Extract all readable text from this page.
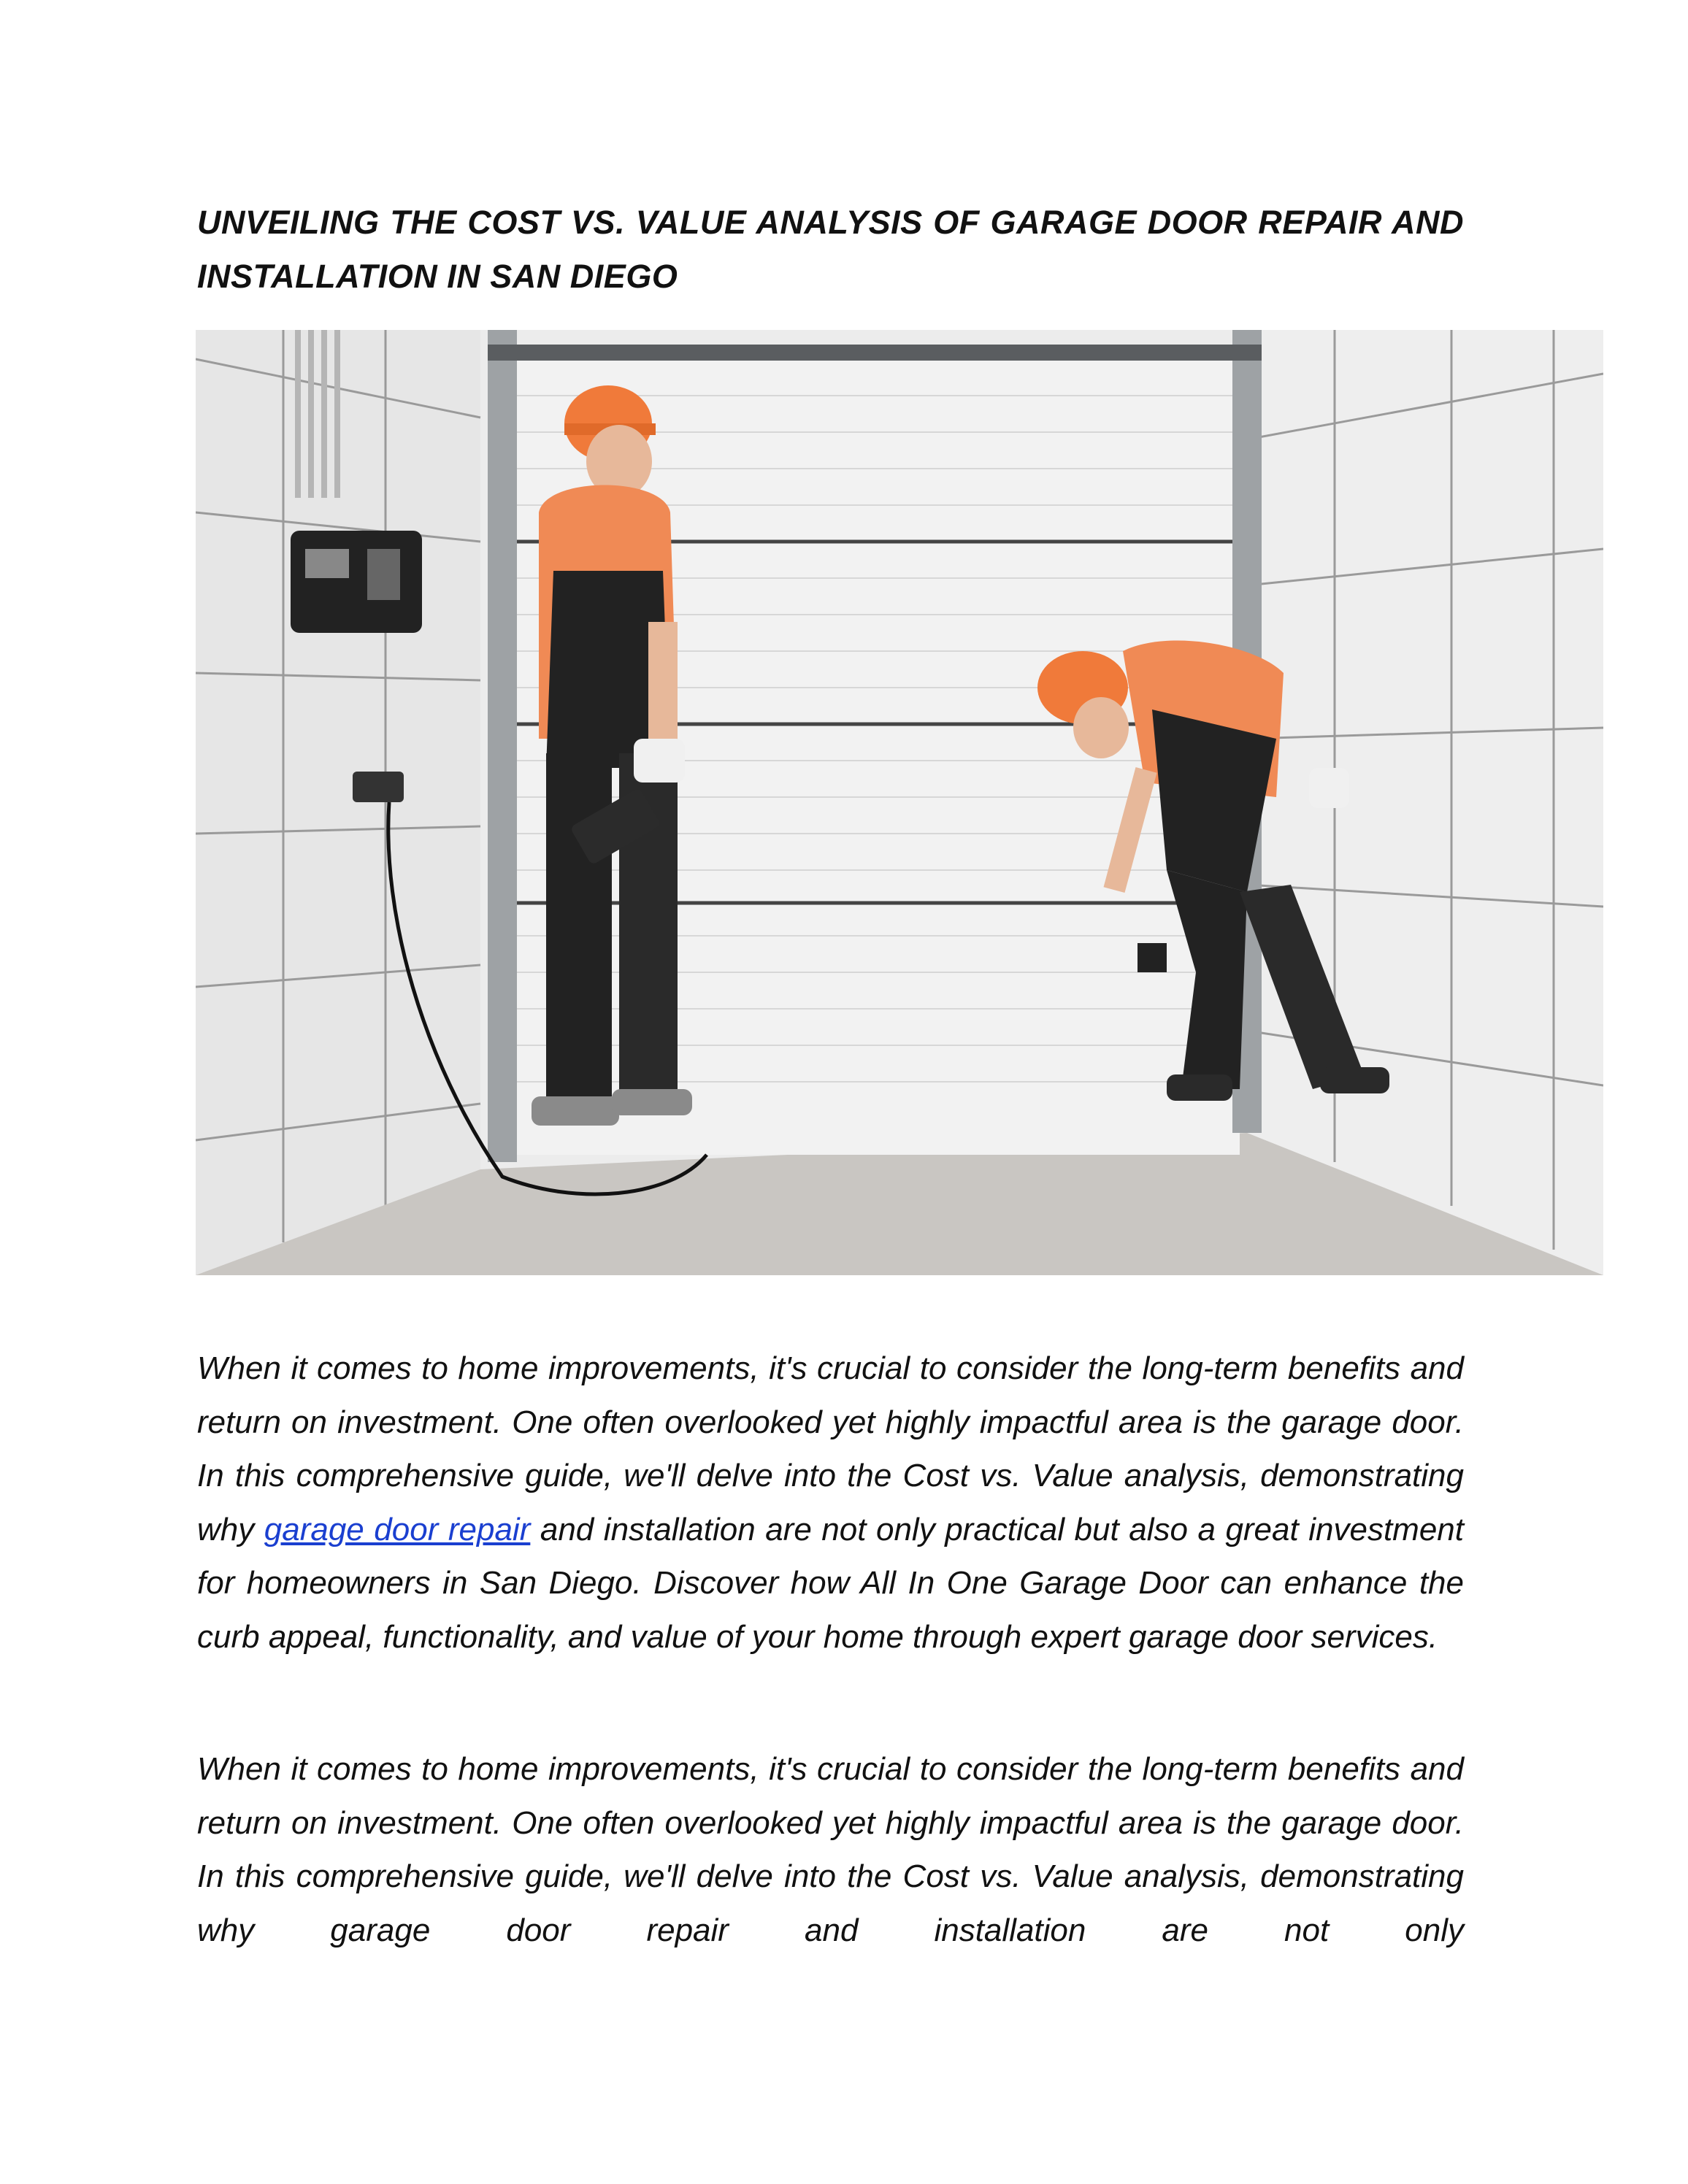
UNVEILING THE COST VS. VALUE ANALYSIS OF GARAGE DOOR REPAIR AND INSTALLATION IN SAN DIEGO

When it comes to home improvements, it's crucial to consider the long-term benefits and return on investment. One often overlooked yet highly impactful area is the garage door. In this comprehensive guide, we'll delve into the Cost vs. Value analysis, demonstrating why garage door repair and installation are not only practical but also a great investment for homeowners in San Diego. Discover how All In One Garage Door can enhance the curb appeal, functionality, and value of your home through expert garage door services.

When it comes to home improvements, it's crucial to consider the long-term benefits and return on investment. One often overlooked yet highly impactful area is the garage door. In this comprehensive guide, we'll delve into the Cost vs. Value analysis, demonstrating why garage door repair and installation are not only
